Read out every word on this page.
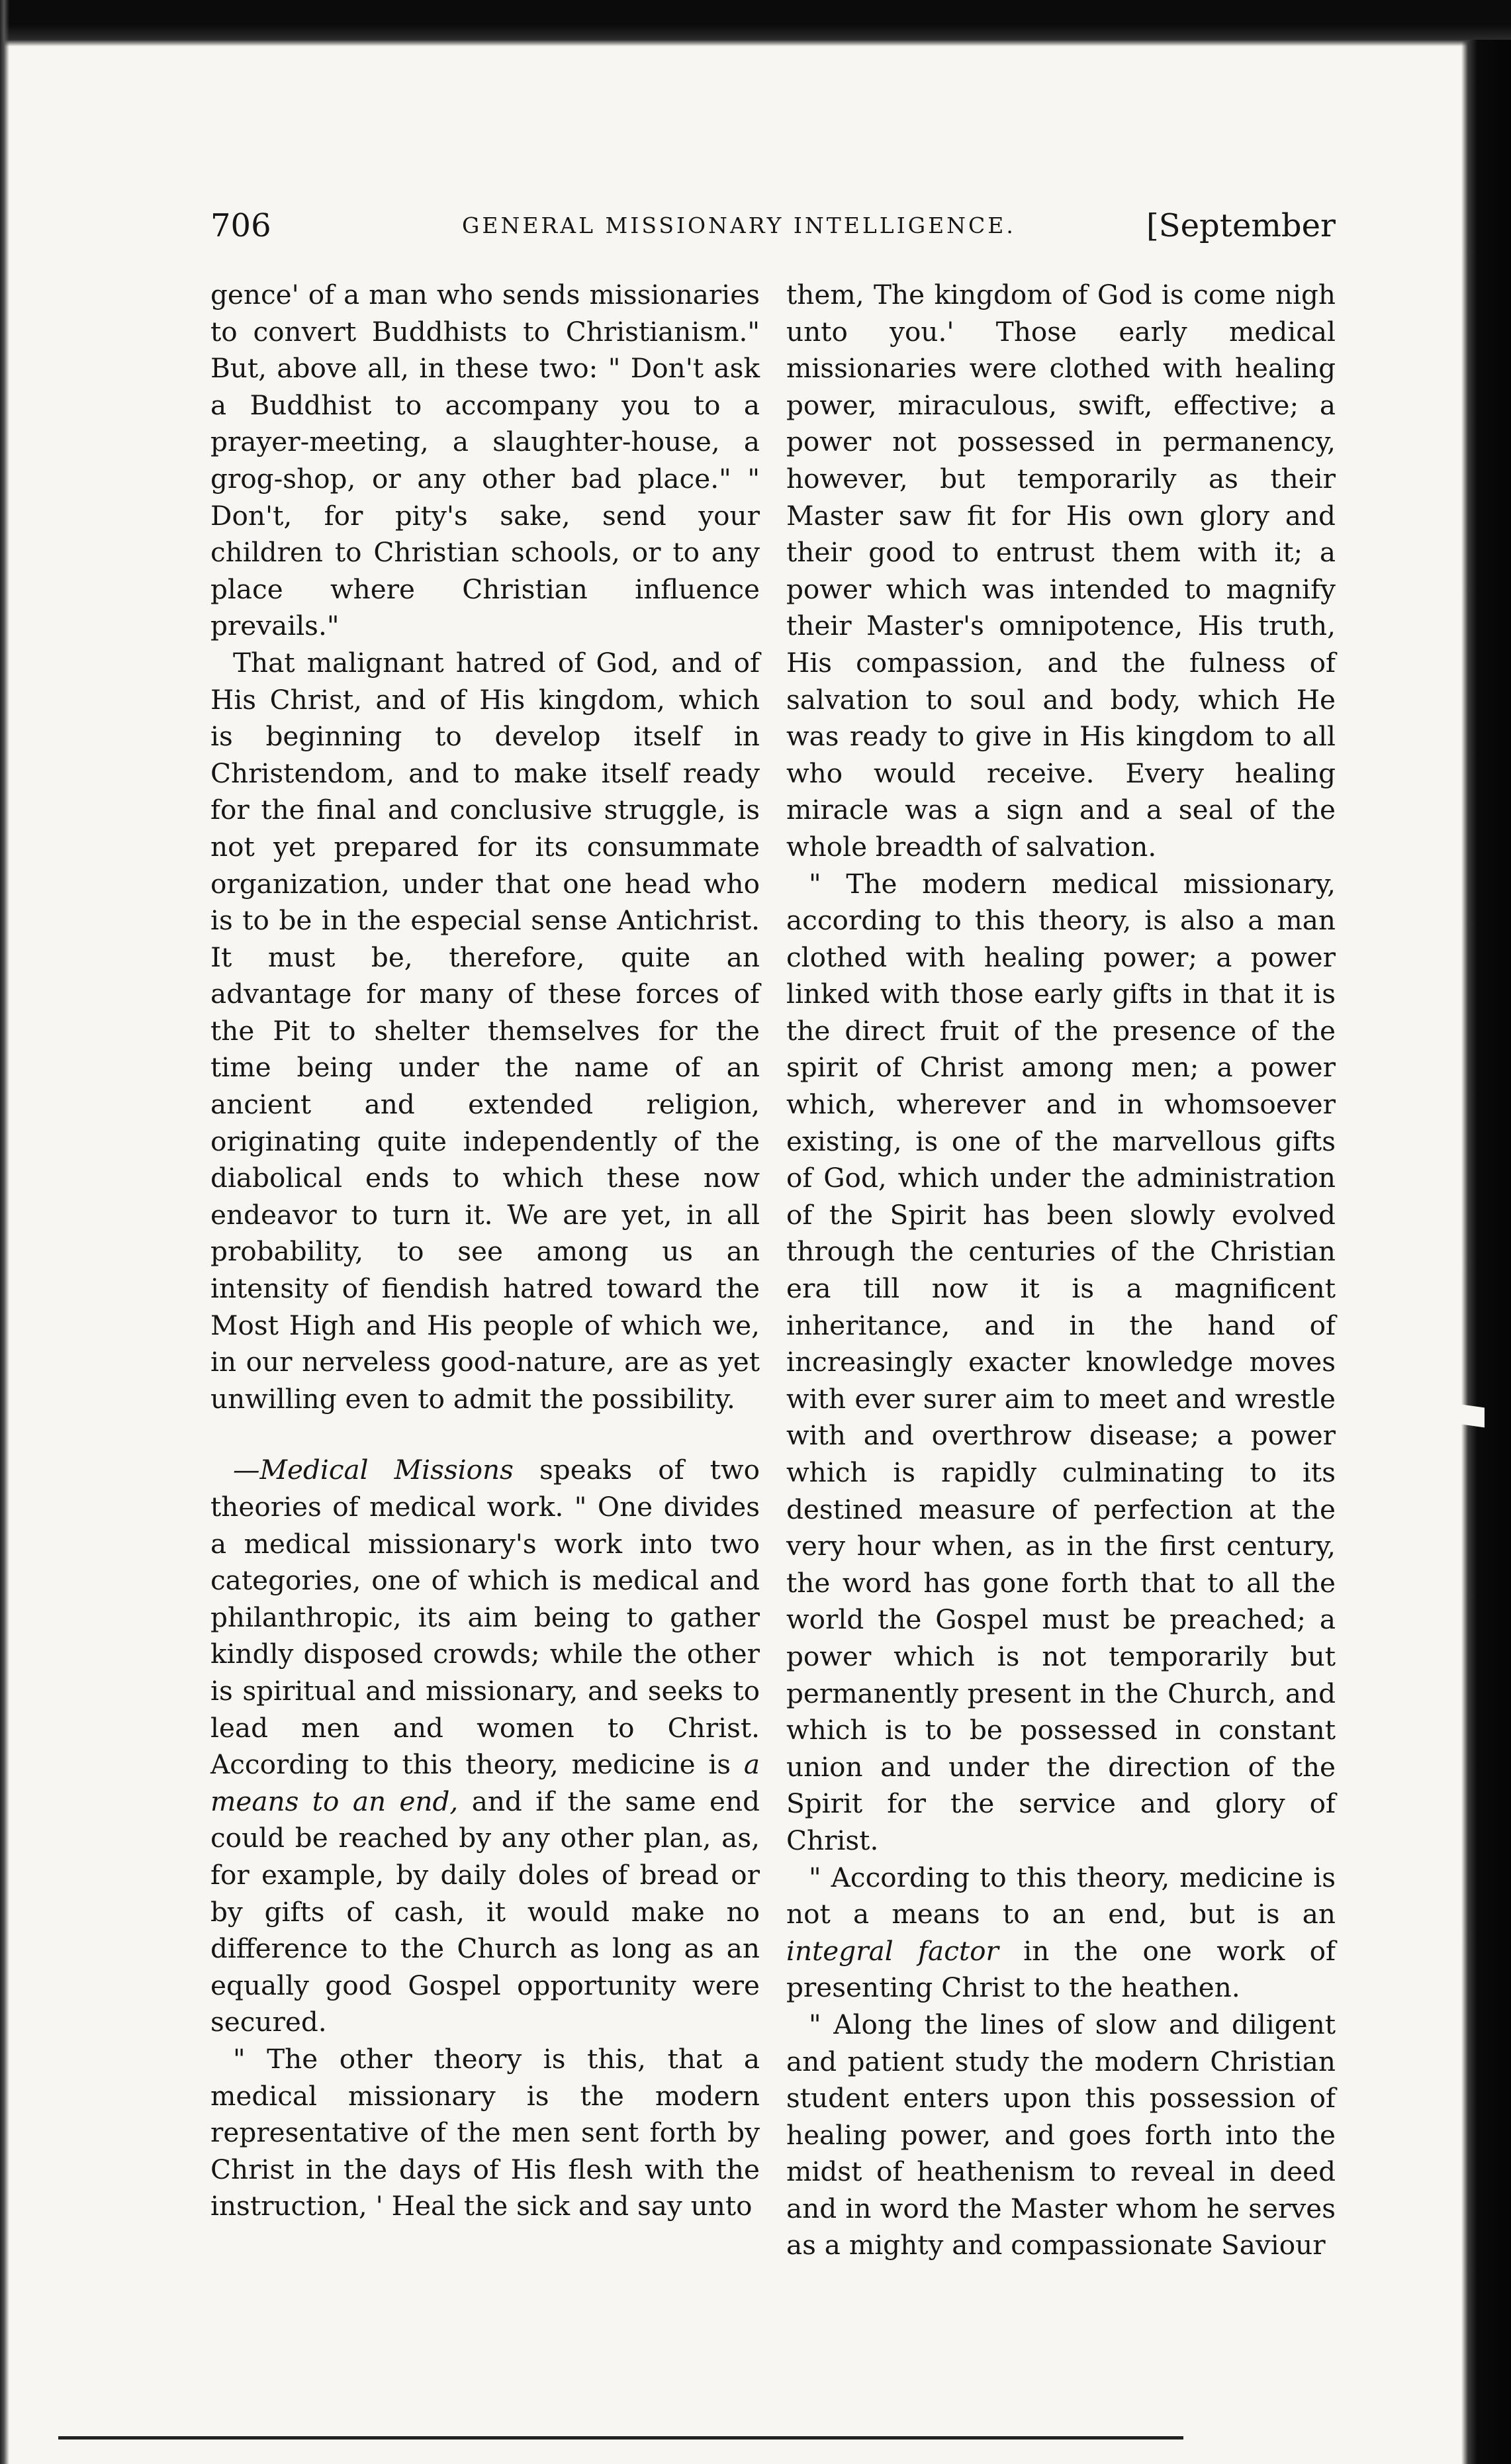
706	GENERAL MISSIONARY INTELLIGENCE.	[September

gence' of a man who sends missionaries to convert Buddhists to Christianism." But, above all, in these two: " Don't ask a Buddhist to accompany you to a prayer-meeting, a slaughter-house, a grog-shop, or any other bad place." " Don't, for pity's sake, send your children to Christian schools, or to any place where Christian influence prevails."

That malignant hatred of God, and of His Christ, and of His kingdom, which is beginning to develop itself in Christendom, and to make itself ready for the final and conclusive struggle, is not yet prepared for its consummate organization, under that one head who is to be in the especial sense Antichrist. It must be, therefore, quite an advantage for many of these forces of the Pit to shelter themselves for the time being under the name of an ancient and extended religion, originating quite independently of the diabolical ends to which these now endeavor to turn it. We are yet, in all probability, to see among us an intensity of fiendish hatred toward the Most High and His people of which we, in our nerveless good-nature, are as yet unwilling even to admit the possibility.

—Medical Missions speaks of two theories of medical work. " One divides a medical missionary's work into two categories, one of which is medical and philanthropic, its aim being to gather kindly disposed crowds; while the other is spiritual and missionary, and seeks to lead men and women to Christ. According to this theory, medicine is a means to an end, and if the same end could be reached by any other plan, as, for example, by daily doles of bread or by gifts of cash, it would make no difference to the Church as long as an equally good Gospel opportunity were secured.

" The other theory is this, that a medical missionary is the modern representative of the men sent forth by Christ in the days of His flesh with the instruction, ' Heal the sick and say unto

them, The kingdom of God is come nigh unto you.' Those early medical missionaries were clothed with healing power, miraculous, swift, effective; a power not possessed in permanency, however, but temporarily as their Master saw fit for His own glory and their good to entrust them with it; a power which was intended to magnify their Master's omnipotence, His truth, His compassion, and the fulness of salvation to soul and body, which He was ready to give in His kingdom to all who would receive. Every healing miracle was a sign and a seal of the whole breadth of salvation.

" The modern medical missionary, according to this theory, is also a man clothed with healing power; a power linked with those early gifts in that it is the direct fruit of the presence of the spirit of Christ among men; a power which, wherever and in whomsoever existing, is one of the marvellous gifts of God, which under the administration of the Spirit has been slowly evolved through the centuries of the Christian era till now it is a magnificent inheritance, and in the hand of increasingly exacter knowledge moves with ever surer aim to meet and wrestle with and overthrow disease; a power which is rapidly culminating to its destined measure of perfection at the very hour when, as in the first century, the word has gone forth that to all the world the Gospel must be preached; a power which is not temporarily but permanently present in the Church, and which is to be possessed in constant union and under the direction of the Spirit for the service and glory of Christ.

" According to this theory, medicine is not a means to an end, but is an integral factor in the one work of presenting Christ to the heathen.

" Along the lines of slow and diligent and patient study the modern Christian student enters upon this possession of healing power, and goes forth into the midst of heathenism to reveal in deed and in word the Master whom he serves as a mighty and compassionate Saviour
